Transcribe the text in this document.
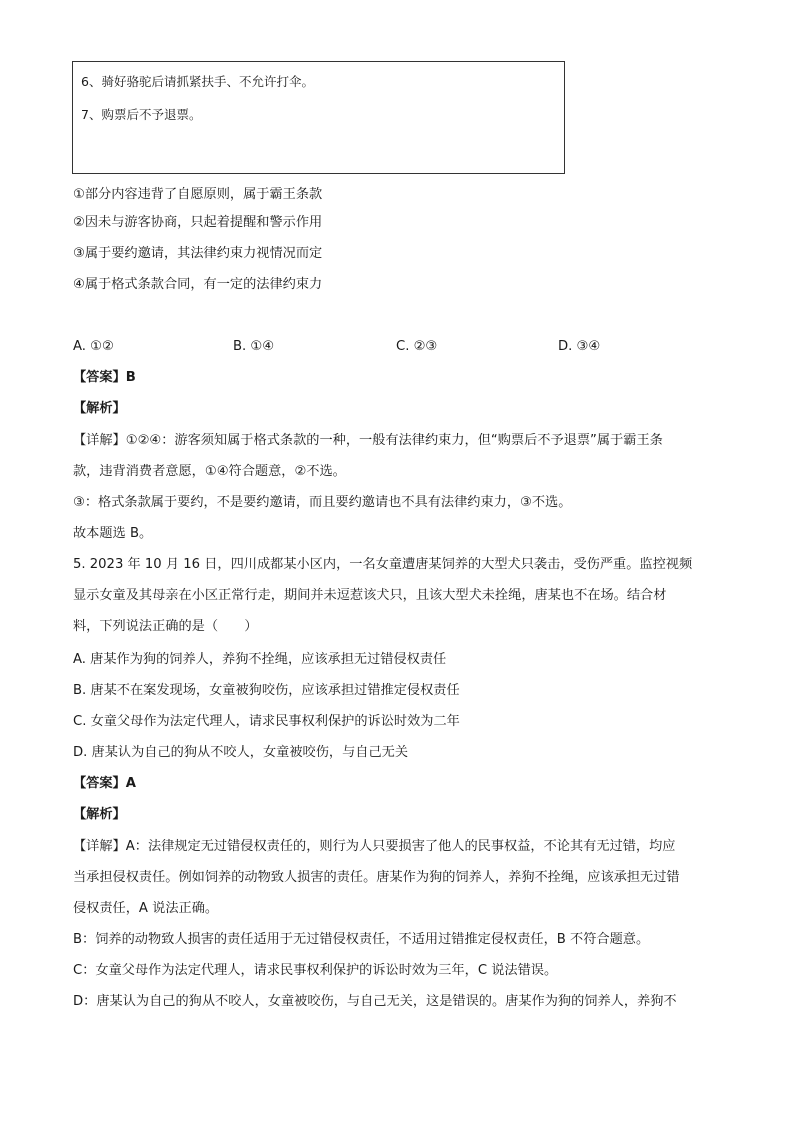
6、骑好骆驼后请抓紧扶手、不允许打伞。
7、购票后不予退票。
①部分内容违背了自愿原则，属于霸王条款
②因未与游客协商，只起着提醒和警示作用
③属于要约邀请，其法律约束力视情况而定
④属于格式条款合同，有一定的法律约束力
A. ①②	B. ①④	C. ②③	D. ③④
【答案】B
【解析】
【详解】①②④：游客须知属于格式条款的一种，一般有法律约束力，但“购票后不予退票”属于霸王条
款，违背消费者意愿，①④符合题意，②不选。
③：格式条款属于要约，不是要约邀请，而且要约邀请也不具有法律约束力，③不选。
故本题选 B。
5. 2023 年 10 月 16 日，四川成都某小区内，一名女童遭唐某饲养的大型犬只袭击，受伤严重。监控视频
显示女童及其母亲在小区正常行走，期间并未逗惹该犬只，且该大型犬未拴绳，唐某也不在场。结合材
料，下列说法正确的是（　　）
A. 唐某作为狗的饲养人，养狗不拴绳，应该承担无过错侵权责任
B. 唐某不在案发现场，女童被狗咬伤，应该承担过错推定侵权责任
C. 女童父母作为法定代理人，请求民事权利保护的诉讼时效为二年
D. 唐某认为自己的狗从不咬人，女童被咬伤，与自己无关
【答案】A
【解析】
【详解】A：法律规定无过错侵权责任的，则行为人只要损害了他人的民事权益，不论其有无过错，均应
当承担侵权责任。例如饲养的动物致人损害的责任。唐某作为狗的饲养人，养狗不拴绳，应该承担无过错
侵权责任，A 说法正确。
B：饲养的动物致人损害的责任适用于无过错侵权责任，不适用过错推定侵权责任，B 不符合题意。
C：女童父母作为法定代理人，请求民事权利保护的诉讼时效为三年，C 说法错误。
D：唐某认为自己的狗从不咬人，女童被咬伤，与自己无关，这是错误的。唐某作为狗的饲养人，养狗不
